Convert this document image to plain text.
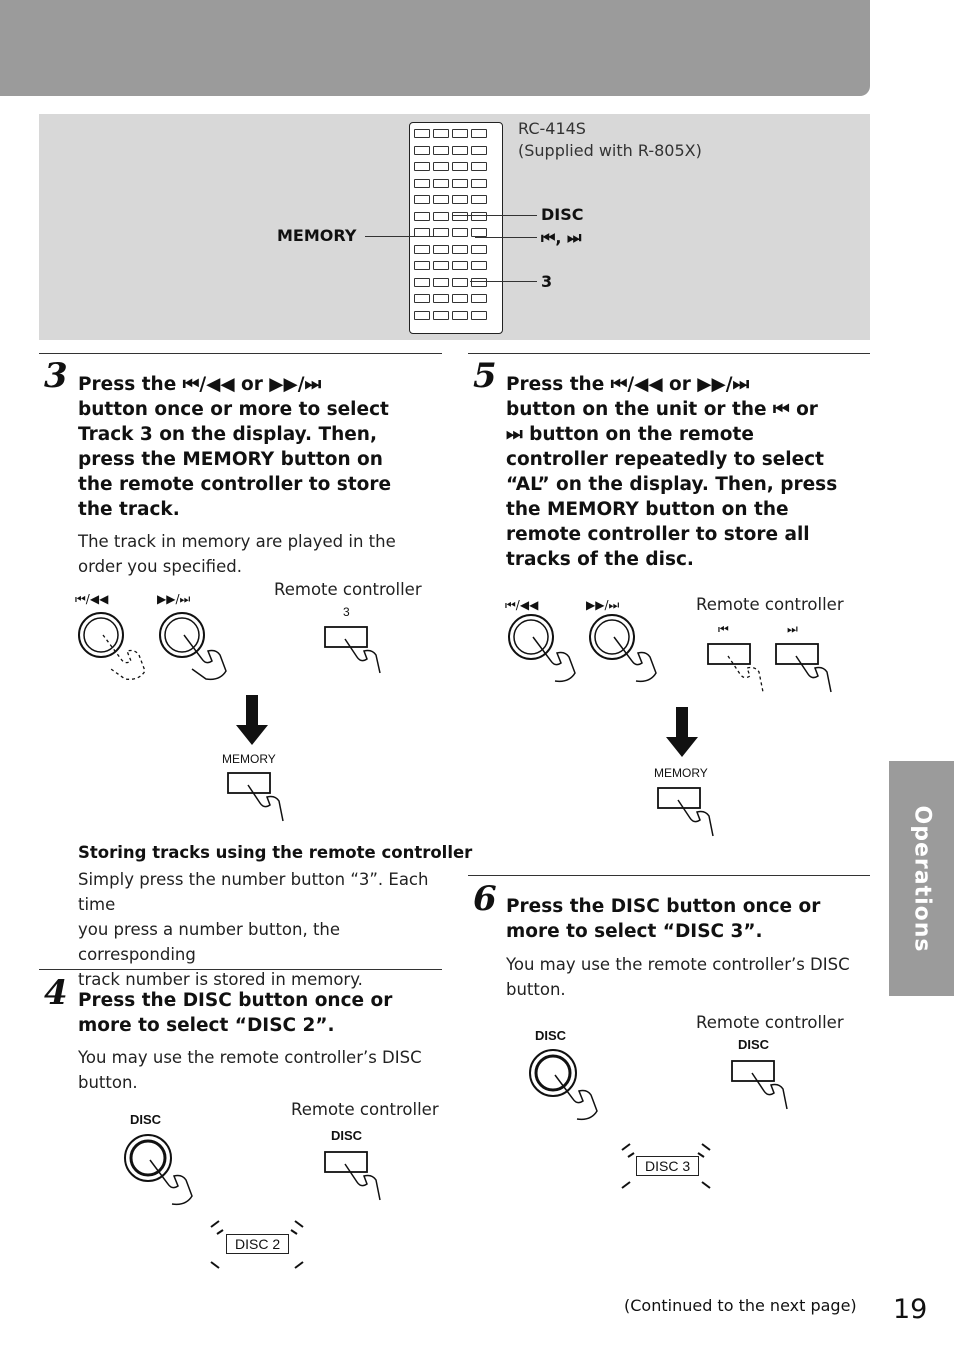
RC-414S
(Supplied with R-805X)
MEMORY
DISC
⏮, ⏭
3
3 Press the ⏮/◀◀ or ▶▶/⏭
button once or more to select
Track 3 on the display. Then,
press the MEMORY button on
the remote controller to store
the track.
The track in memory are played in the
order you specified.
Remote controller
⏮/◀◀	▶▶/⏭
3
MEMORY
Storing tracks using the remote controller
Simply press the number button “3”. Each time
you press a number button, the corresponding
track number is stored in memory.
4 Press the DISC button once or
more to select “DISC 2”.
You may use the remote controller’s DISC
button.
Remote controller
DISC
DISC
DISC 2
5 Press the ⏮/◀◀ or ▶▶/⏭
button on the unit or the ⏮ or
⏭ button on the remote
controller repeatedly to select
“AL” on the display. Then, press
the MEMORY button on the
remote controller to store all
tracks of the disc.
Remote controller
⏮/◀◀	▶▶/⏭
⏮	⏭
MEMORY
6 Press the DISC button once or
more to select “DISC 3”.
You may use the remote controller’s DISC
button.
Remote controller
DISC
DISC
DISC 3
Operations
(Continued to the next page) 19
